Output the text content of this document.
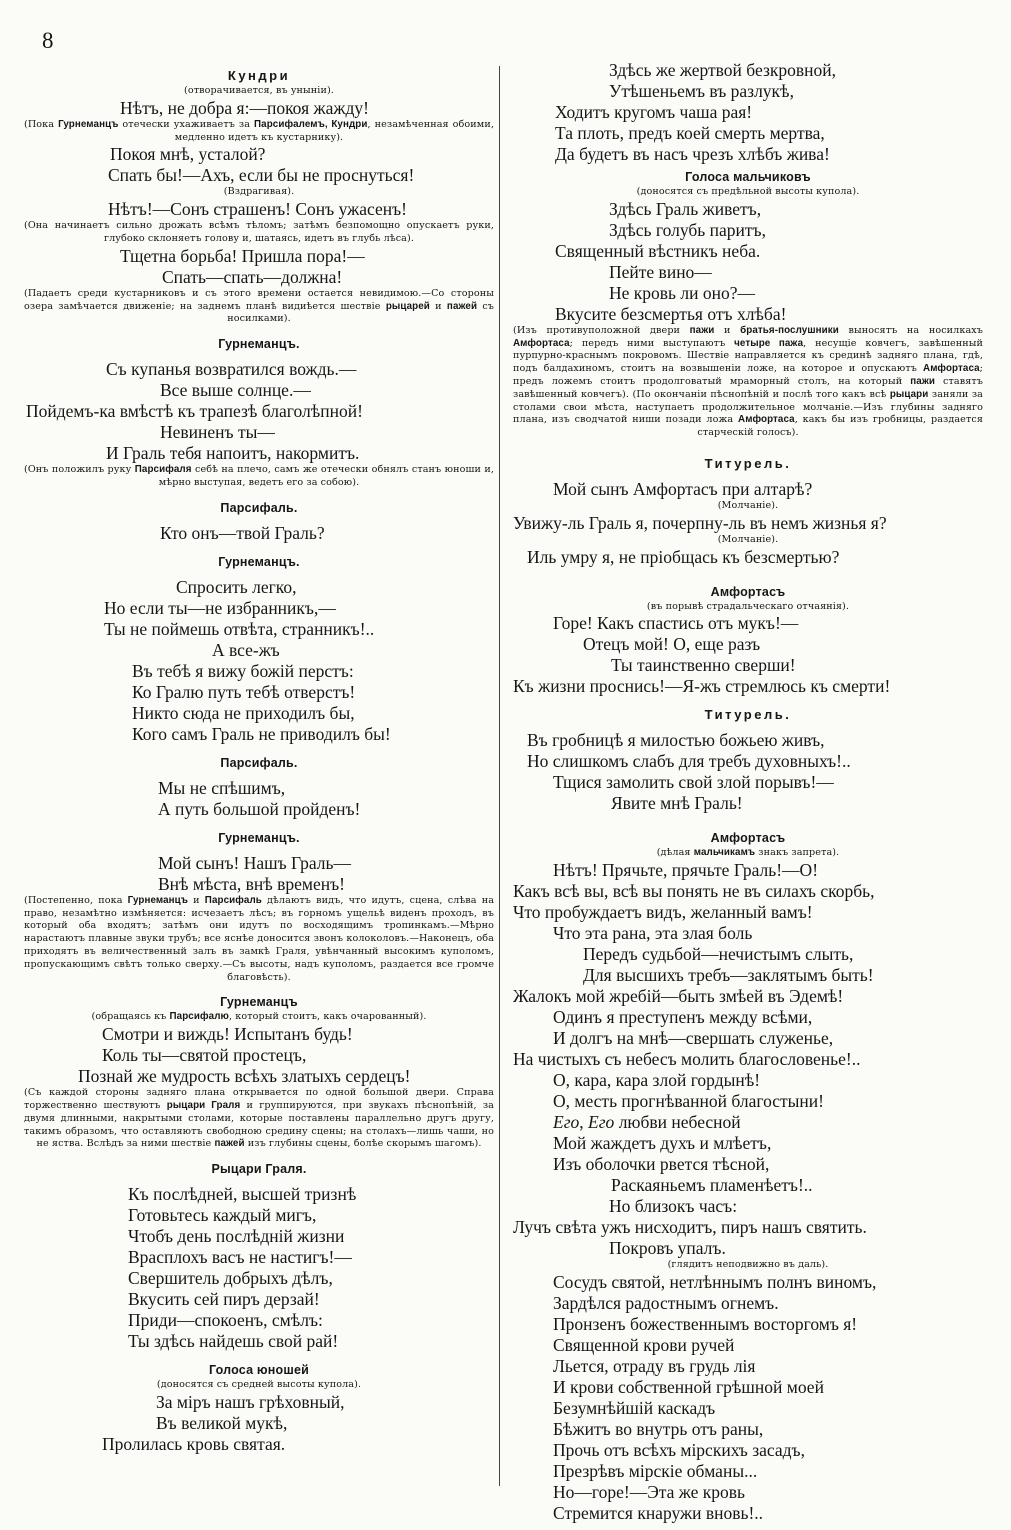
8
Кундри
(отворачивается, въ уныніи).
Нѣтъ, не добра я:—покоя жажду!
(Пока Гурнеманцъ отечески ухаживаетъ за Парсифалемъ, Кундри, незамѣченная обоими, медленно идетъ къ кустарнику).
Покоя мнѣ, усталой?
Спать бы!—Ахъ, если бы не проснуться!
(Вздрагивая).
Нѣтъ!—Сонъ страшенъ! Сонъ ужасенъ!
(Она начинаетъ сильно дрожать всѣмъ тѣломъ; затѣмъ безпомощно опускаетъ руки, глубоко склоняетъ голову и, шатаясь, идетъ въ глубь лѣса).
Тщетна борьба! Пришла пора!—
Спать—спать—должна!
(Падаетъ среди кустарниковъ и съ этого времени остается невидимою.—Со стороны озера замѣчается движеніе; на заднемъ планѣ видиѣется шествіе рыцарей и пажей съ носилками).
Гурнеманцъ.
Съ купанья возвратился вождь.—
Все выше солнце.—
Пойдемъ-ка вмѣстѣ къ трапезѣ благолѣпной!
Невиненъ ты—
И Граль тебя напоитъ, накормитъ.
(Онъ положилъ руку Парсифаля себѣ на плечо, самъ же отечески обнялъ станъ юноши и, мѣрно выступая, ведетъ его за собою).
Парсифаль.
Кто онъ—твой Граль?
Гурнеманцъ.
Спросить легко,
Но если ты—не избранникъ,—
Ты не поймешь отвѣта, странникъ!..
А все-жъ
Въ тебѣ я вижу божій перстъ:
Ко Гралю путь тебѣ отверстъ!
Никто сюда не приходилъ бы,
Кого самъ Граль не приводилъ бы!
Парсифаль.
Мы не спѣшимъ,
А путь большой пройденъ!
Гурнеманцъ.
Мой сынъ! Нашъ Граль—
Внѣ мѣста, внѣ временъ!
(Постепенно, пока Гурнеманцъ и Парсифаль дѣлаютъ видъ, что идутъ, сцена, слѣва на право, незамѣтно измѣняется: исчезаетъ лѣсъ; въ горномъ ущельѣ виденъ проходъ, въ который оба входятъ; затѣмъ они идутъ по восходящимъ тропинкамъ.—Мѣрно нарастаютъ плавные звуки трубъ; все яснѣе доносится звонъ колоколовъ.—Наконецъ, оба приходятъ въ величественный залъ въ замкѣ Граля, увѣнчанный высокимъ куполомъ, пропускающимъ свѣтъ только сверху.—Съ высоты, надъ куполомъ, раздается все громче благовѣсть).
Гурнеманцъ
(обращаясь къ Парсифалю, который стоитъ, какъ очарованный).
Смотри и виждь! Испытанъ будь!
Коль ты—святой простецъ,
Познай же мудрость всѣхъ златыхъ сердецъ!
(Съ каждой стороны задняго плана открывается по одной большой двери. Справа торжественно шествуютъ рыцари Граля и группируются, при звукахъ пѣснопѣній, за двумя длинными, накрытыми столами, которые поставлены параллельно другъ другу, такимъ образомъ, что оставляютъ свободною средину сцены; на столахъ—лишь чаши, но не яства. Вслѣдъ за ними шествіе пажей изъ глубины сцены, болѣе скорымъ шагомъ).
Рыцари Граля.
Къ послѣдней, высшей тризнѣ
Готовьтесь каждый мигъ,
Чтобъ день послѣдній жизни
Врасплохъ васъ не настигъ!—
Свершитель добрыхъ дѣлъ,
Вкусить сей пиръ дерзай!
Приди—спокоенъ, смѣлъ:
Ты здѣсь найдешь свой рай!
Голоса юношей
(доносятся съ средней высоты купола).
За міръ нашъ грѣховный,
Въ великой мукѣ,
Пролилась кровь святая.
Здѣсь же жертвой безкровной,
Утѣшеньемъ въ разлукѣ,
Ходитъ кругомъ чаша рая!
Та плоть, предъ коей смерть мертва,
Да будетъ въ насъ чрезъ хлѣбъ жива!
Голоса мальчиковъ
(доносятся съ предѣльной высоты купола).
Здѣсь Граль живетъ,
Здѣсь голубь паритъ,
Священный вѣстникъ неба.
Пейте вино—
Не кровь ли оно?—
Вкусите безсмертья отъ хлѣба!
(Изъ противуположной двери пажи и братья-послушники выносятъ на носилкахъ Амфортаса; передъ ними выступаютъ четыре пажа, несущіе ковчегъ, завѣшенный пурпурно-краснымъ покровомъ. Шествіе направляется къ срединѣ задняго плана, гдѣ, подъ балдахиномъ, стоитъ на возвышеніи ложе, на которое и опускаютъ Амфортаса; предъ ложемъ стоитъ продолговатый мраморный столъ, на который пажи ставятъ завѣшенный ковчегъ). (По окончаніи пѣснопѣній и послѣ того какъ всѣ рыцари заняли за столами свои мѣста, наступаетъ продолжительное молчаніе.—Изъ глубины задняго плана, изъ сводчатой ниши позади ложа Амфортаса, какъ бы изъ гробницы, раздается старческій голосъ).
Титурель.
Мой сынъ Амфортасъ при алтарѣ?
(Молчаніе).
Увижу-ль Граль я, почерпну-ль въ немъ жизнья я?
(Молчаніе).
Иль умру я, не пріобщась къ безсмертью?
Амфортасъ
(въ порывѣ страдальческаго отчаянія).
Горе! Какъ спастись отъ мукъ!—
Отецъ мой! О, еще разъ
Ты таинственно сверши!
Къ жизни проснись!—Я-жъ стремлюсь къ смерти!
Титурель.
Въ гробницѣ я милостью божьею живъ,
Но слишкомъ слабъ для требъ духовныхъ!..
Тщися замолить свой злой порывъ!—
Явите мнѣ Граль!
Амфортасъ
(дѣлая мальчикамъ знакъ запрета).
Нѣтъ! Прячьте, прячьте Граль!—О!
Какъ всѣ вы, всѣ вы понять не въ силахъ скорбь,
Что пробуждаетъ видъ, желанный вамъ!
Что эта рана, эта злая боль
Передъ судьбой—нечистымъ слыть,
Для высшихъ требъ—заклятымъ быть!
Жалокъ мой жребій—быть змѣей въ Эдемѣ!
Одинъ я преступенъ между всѣми,
И долгъ на мнѣ—свершать служенье,
На чистыхъ съ небесъ молить благословенье!..
О, кара, кара злой гордынѣ!
О, месть прогнѣванной благостыни!
Его, Его любви небесной
Мой жаждетъ духъ и млѣетъ,
Изъ оболочки рвется тѣсной,
Раскаяньемъ пламенѣетъ!..
Но близокъ часъ:
Лучъ свѣта ужъ нисходитъ, пиръ нашъ святить.
Покровъ упалъ.
(глядитъ неподвижно въ даль).
Сосудъ святой, нетлѣннымъ полнъ виномъ,
Зардѣлся радостнымъ огнемъ.
Пронзенъ божественнымъ восторгомъ я!
Священной крови ручей
Льется, отраду въ грудь лія
И крови собственной грѣшной моей
Безумнѣйшій каскадъ
Бѣжитъ во внутрь отъ раны,
Прочь отъ всѣхъ мірскихъ засадъ,
Презрѣвъ мірскіе обманы...
Но—горе!—Эта же кровь
Стремится кнаружи вновь!..
